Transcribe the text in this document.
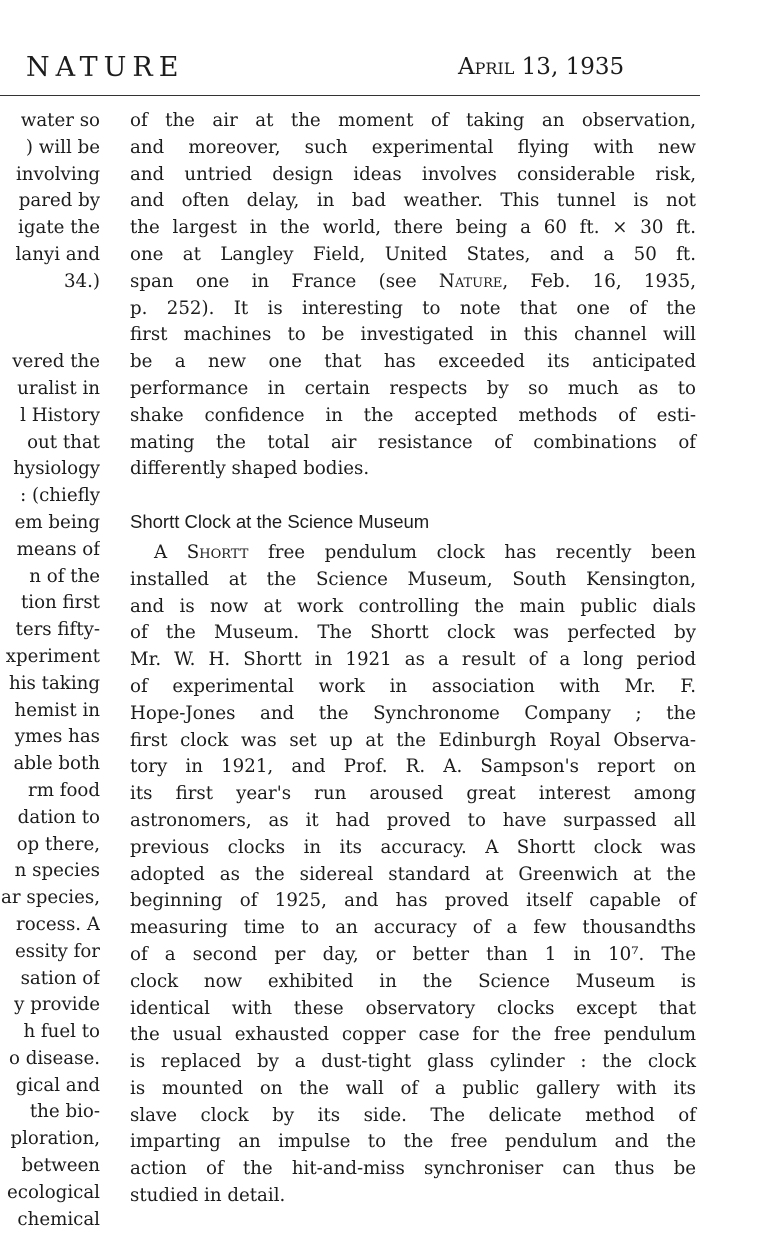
NATURE	April 13, 1935
water so
) will be
involving
pared by
igate the
lanyi and
34.)
vered the
uralist in
l History
out that
hysiology
: (chiefly
em being
means of
n of the
tion first
ters fifty-
xperiment
his taking
hemist in
ymes has
able both
rm food
dation to
op there,
n species
ar species,
rocess. A
essity for
sation of
y provide
h fuel to
o disease.
gical and
the bio-
ploration,
between
ecological
chemical
of the air at the moment of taking an observation,
and moreover, such experimental flying with new
and untried design ideas involves considerable risk,
and often delay, in bad weather. This tunnel is not
the largest in the world, there being a 60 ft. × 30 ft.
one at Langley Field, United States, and a 50 ft.
span one in France (see Nature, Feb. 16, 1935,
p. 252). It is interesting to note that one of the
first machines to be investigated in this channel will
be a new one that has exceeded its anticipated
performance in certain respects by so much as to
shake confidence in the accepted methods of esti-
mating the total air resistance of combinations of
differently shaped bodies.
Shortt Clock at the Science Museum
A Shortt free pendulum clock has recently been
installed at the Science Museum, South Kensington,
and is now at work controlling the main public dials
of the Museum. The Shortt clock was perfected by
Mr. W. H. Shortt in 1921 as a result of a long period
of experimental work in association with Mr. F.
Hope-Jones and the Synchronome Company ; the
first clock was set up at the Edinburgh Royal Observa-
tory in 1921, and Prof. R. A. Sampson's report on
its first year's run aroused great interest among
astronomers, as it had proved to have surpassed all
previous clocks in its accuracy. A Shortt clock was
adopted as the sidereal standard at Greenwich at the
beginning of 1925, and has proved itself capable of
measuring time to an accuracy of a few thousandths
of a second per day, or better than 1 in 10⁷. The
clock now exhibited in the Science Museum is
identical with these observatory clocks except that
the usual exhausted copper case for the free pendulum
is replaced by a dust-tight glass cylinder : the clock
is mounted on the wall of a public gallery with its
slave clock by its side. The delicate method of
imparting an impulse to the free pendulum and the
action of the hit-and-miss synchroniser can thus be
studied in detail.
